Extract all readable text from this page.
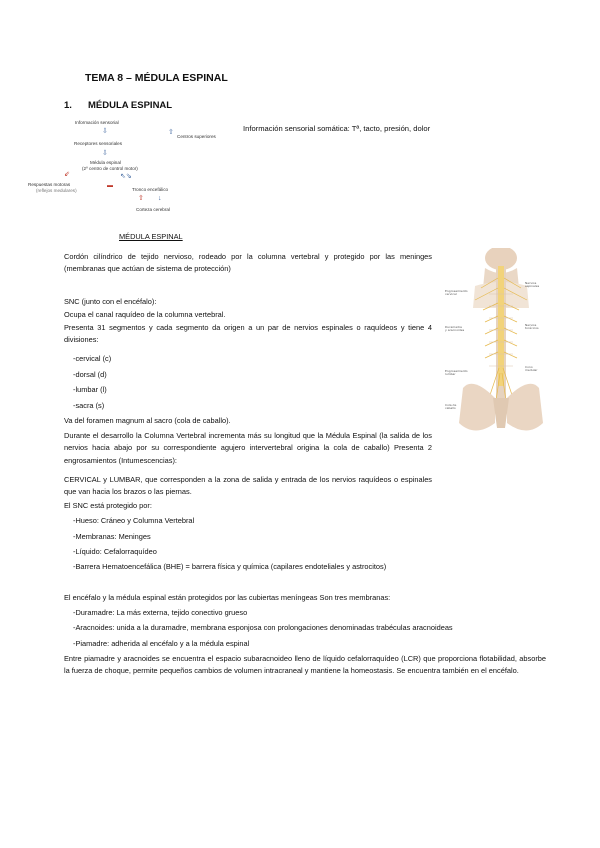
TEMA 8 – MÉDULA ESPINAL
1. MÉDULA ESPINAL
Información sensorial
⇩
Receptores sensoriales
⇩
Médula espinal
(2º centro de control motor)
⇙	⇖⇘
Respuestas motoras
(reflejos medulares)	Tronco encefálico
▬
⇧ ↓
Corteza cerebral
⇧
Centros superiores
Información sensorial somática: Tª, tacto, presión, dolor
MÉDULA ESPINAL
Engrosamiento
cervical
Duramadre
y aracnoides
Engrosamiento
lumbar
Cola de
caballo
Nervios
espinales
Nervios
torácicos
Cono
medular
Cordón cilíndrico de tejido nervioso, rodeado por la columna vertebral y protegido por las meninges (membranas que actúan de sistema de protección)
SNC (junto con el encéfalo):
Ocupa el canal raquídeo de la columna vertebral.
Presenta 31 segmentos y cada segmento da origen a un par de nervios espinales o raquídeos y tiene 4 divisiones:
-cervical (c)
-dorsal (d)
-lumbar (l)
-sacra (s)
Va del foramen magnum al sacro (cola de caballo).
Durante el desarrollo la Columna Vertebral incrementa más su longitud que la Médula Espinal (la salida de los nervios hacia abajo por su correspondiente agujero intervertebral origina la cola de caballo) Presenta 2 engrosamientos (Intumescencias):
CERVICAL y LUMBAR, que corresponden a la zona de salida y entrada de los nervios raquídeos o espinales que van hacia los brazos o las piernas.
El SNC está protegido por:
-Hueso: Cráneo y Columna Vertebral
-Membranas: Meninges
-Líquido: Cefalorraquídeo
-Barrera Hematoencefálica (BHE) = barrera física y química (capilares endoteliales y astrocitos)
El encéfalo y la médula espinal están protegidos por las cubiertas meníngeas Son tres membranas:
-Duramadre: La más externa, tejido conectivo grueso
-Aracnoides: unida a la duramadre, membrana esponjosa con prolongaciones denominadas trabéculas aracnoideas
-Piamadre: adherida al encéfalo y a la médula espinal
Entre piamadre y aracnoides se encuentra el espacio subaracnoideo lleno de líquido cefalorraquídeo (LCR) que proporciona flotabilidad, absorbe la fuerza de choque, permite pequeños cambios de volumen intracraneal y mantiene la homeostasis. Se encuentra también en el encéfalo.
